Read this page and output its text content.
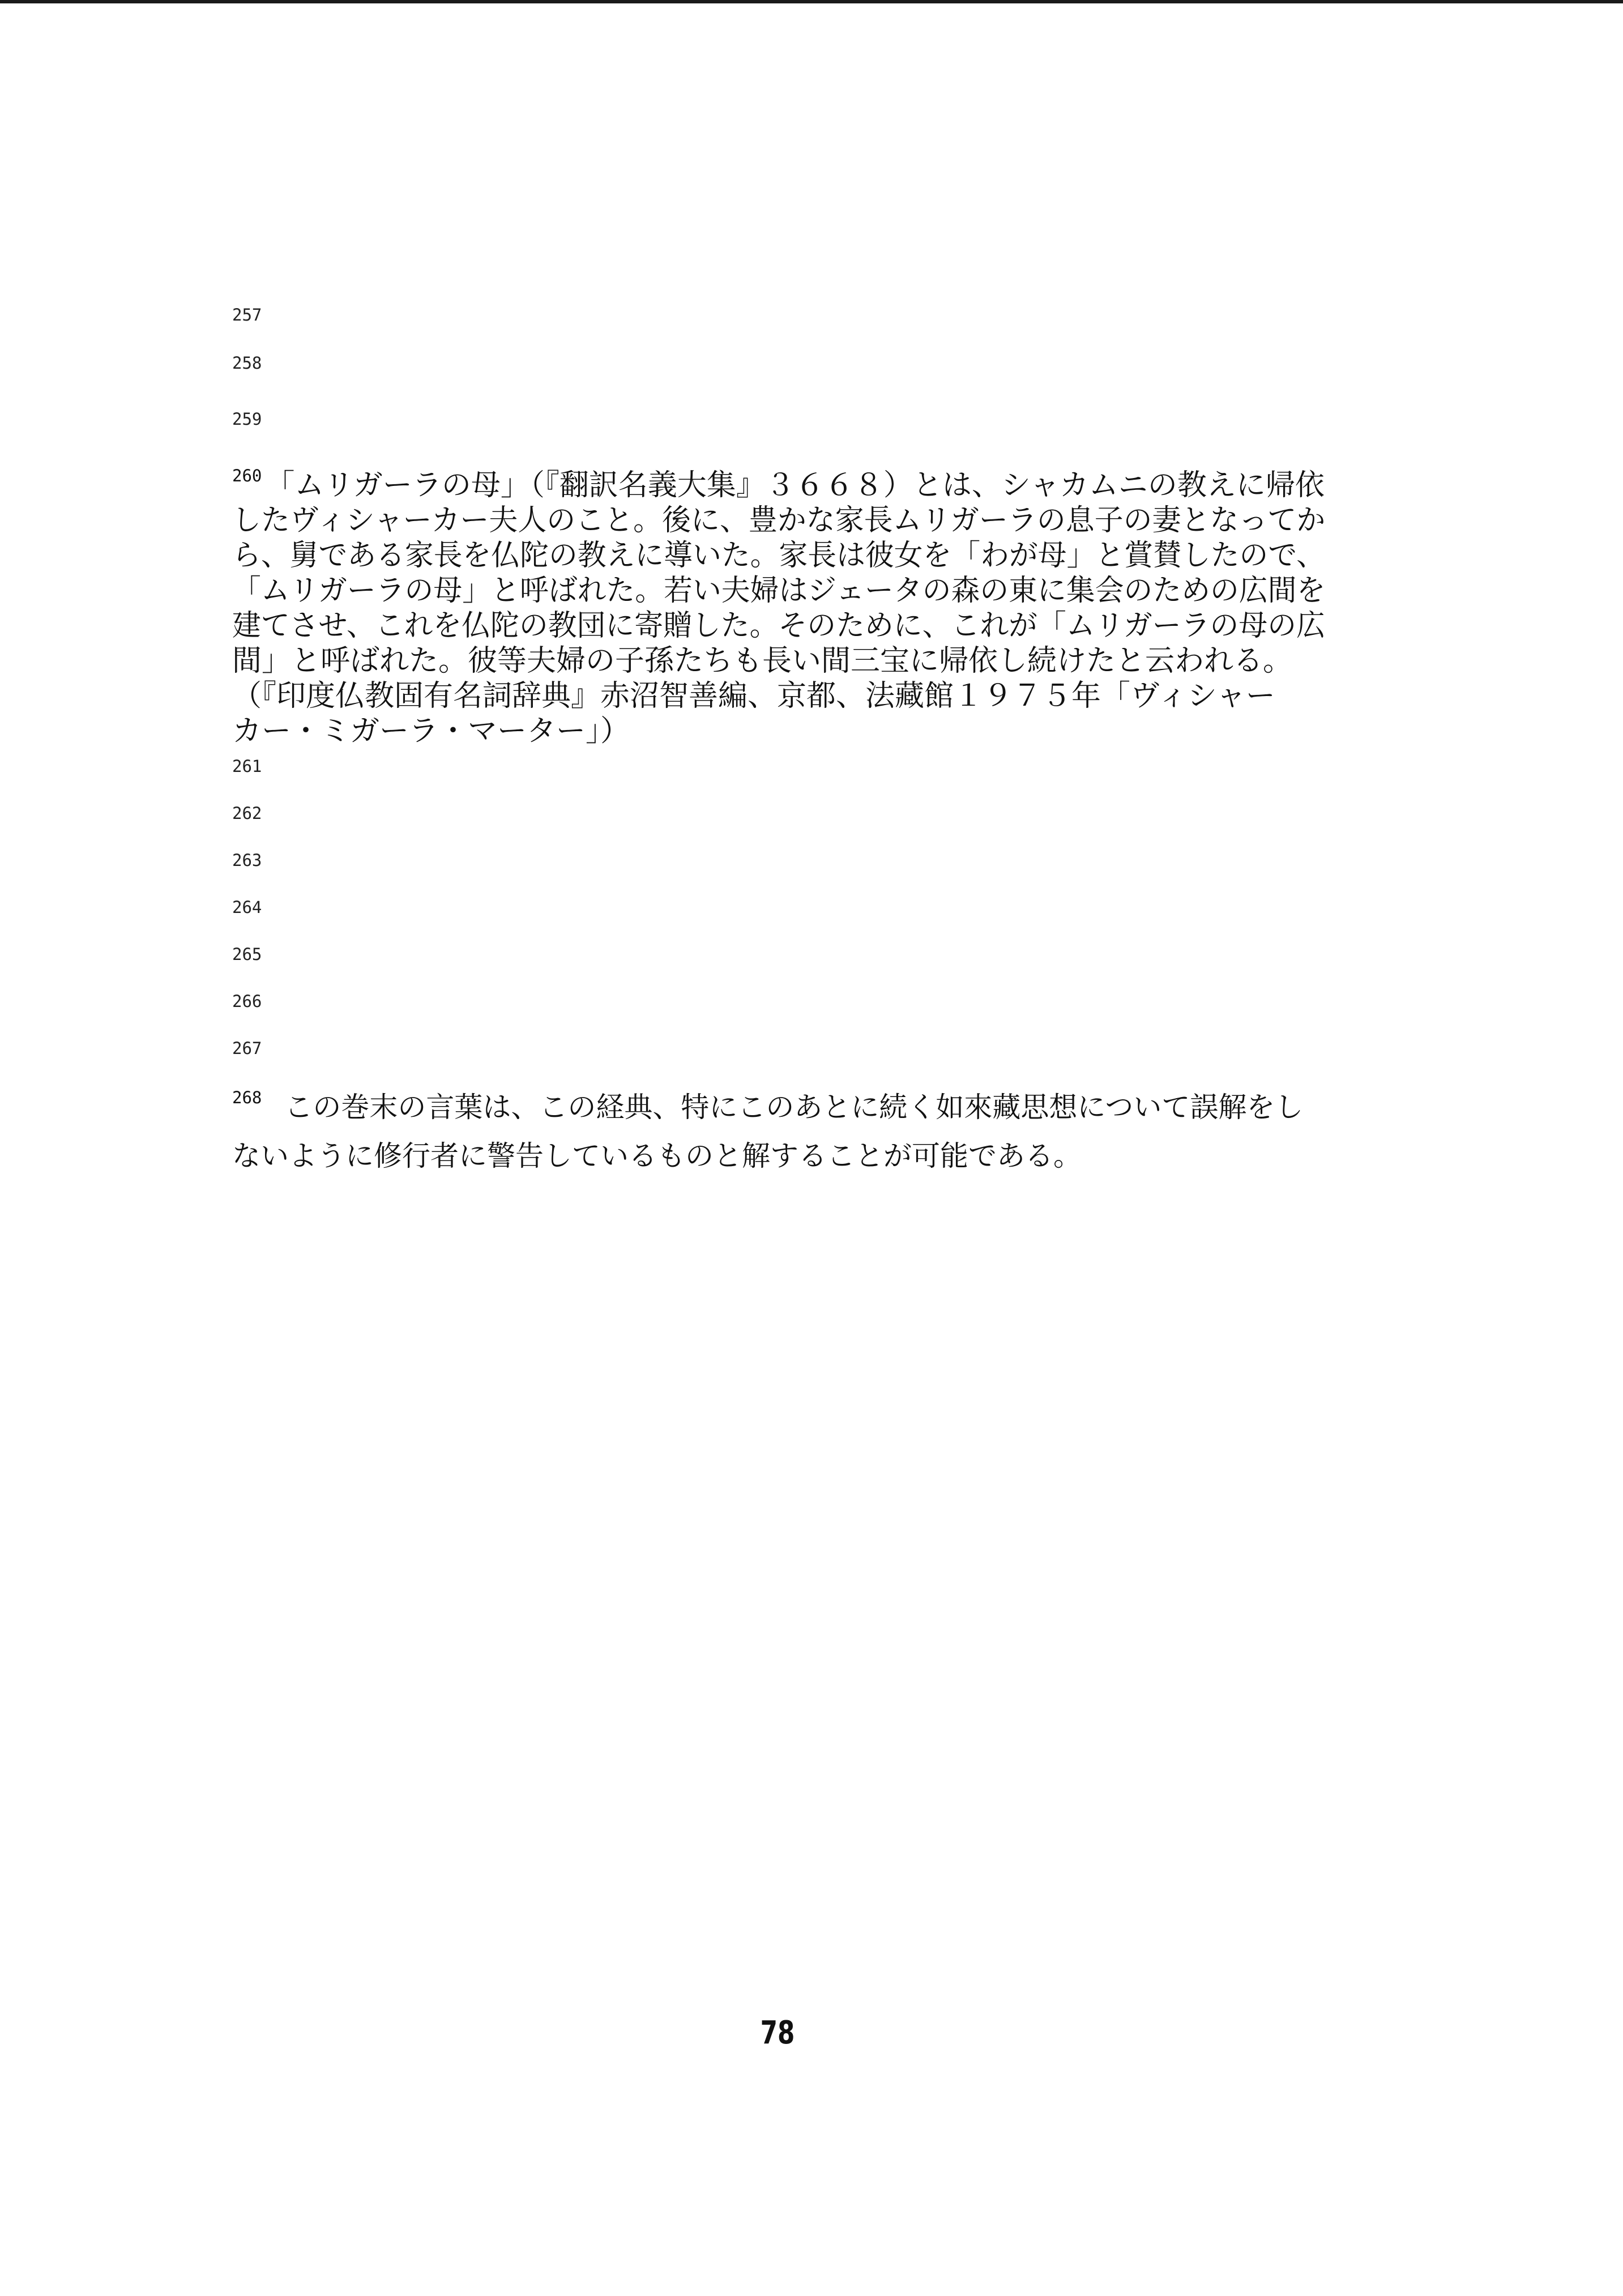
257
258
259
$^{260}$ 「ムリガーラの母」（『翻訳名義大集』３６６８）とは、シャカムニの教えに帰依
したヴィシャーカー夫人のこと。後に、豊かな家長ムリガーラの息子の妻となってか
ら、舅である家長を仏陀の教えに導いた。家長は彼女を「わが母」と賞賛したので、
「ムリガーラの母」と呼ばれた。若い夫婦はジェータの森の東に集会のための広間を
建てさせ、これを仏陀の教団に寄贈した。そのために、これが「ムリガーラの母の広
間」と呼ばれた。彼等夫婦の子孫たちも長い間三宝に帰依し続けたと云われる。
（『印度仏教固有名詞辞典』赤沼智善編、京都、法藏館１９７５年「ヴィシャー
カー・ミガーラ・マーター」）
261
262
263
264
265
266
267
$^{268}$ この巻末の言葉は、この経典、特にこのあとに続く如來藏思想について誤解をし
ないように修行者に警告しているものと解することが可能である。
78
